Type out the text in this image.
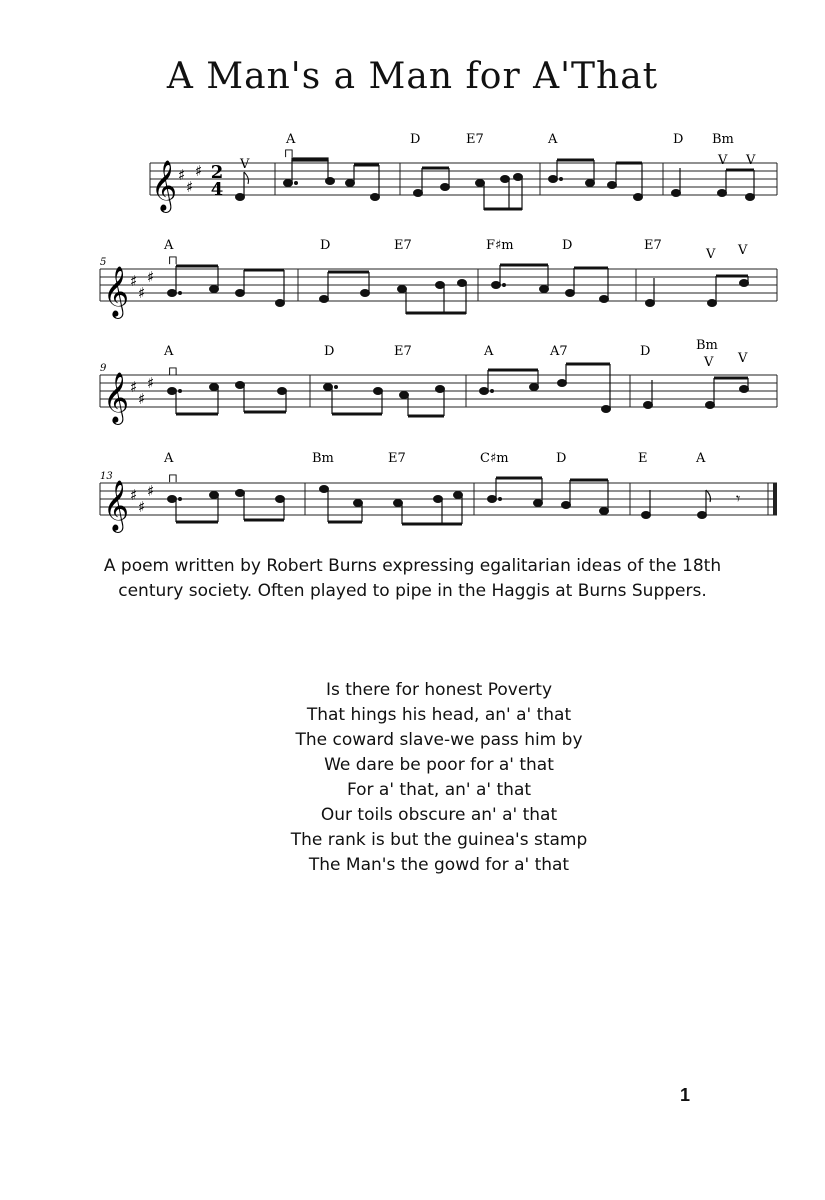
A Man's a Man for A'That
𝄞 ♯
♯
♯ 2
4
V
⊓	V V
A	D	E7	A	D Bm
5
𝄞 ♯
♯
♯
⊓	V V
A	D	E7	F♯m	D	E7
9
𝄞 ♯
♯
♯
⊓
V V
A	D	E7	A	A7	D	Bm
13
𝄞 ♯
♯
♯	𝄾
⊓
A	Bm	E7	C♯m	D	E	A
A poem written by Robert Burns expressing egalitarian ideas of the 18th century society. Often played to pipe in the Haggis at Burns Suppers.
Is there for honest Poverty
That hings his head, an' a' that
The coward slave-we pass him by
We dare be poor for a' that
For a' that, an' a' that
Our toils obscure an' a' that
The rank is but the guinea's stamp
The Man's the gowd for a' that
1
